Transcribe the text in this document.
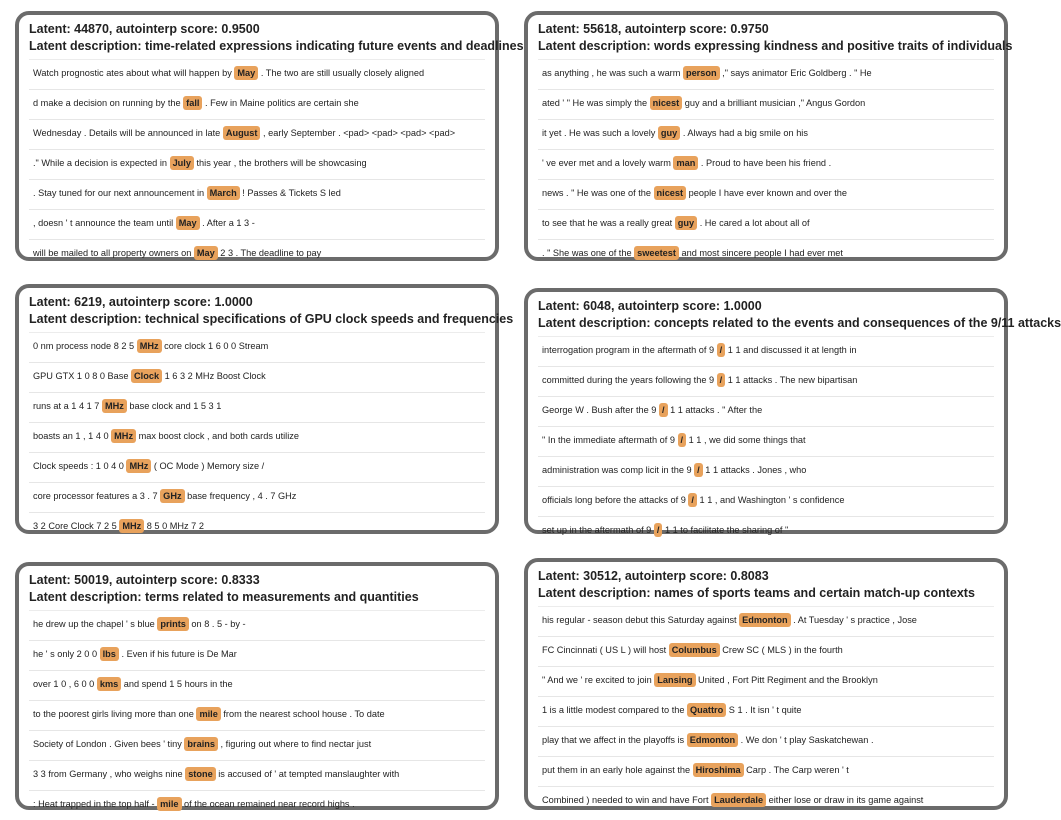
Latent: 44870, autointerp score: 0.9500
Latent description: time-related expressions indicating future events and deadlines
Watch prognostic ates about what will happen by May . The two are still usually closely aligned
d make a decision on running by the fall . Few in Maine politics are certain she
Wednesday . Details will be announced in late August , early September . <pad> <pad> <pad> <pad>
." While a decision is expected in July this year , the brothers will be showcasing
. Stay tuned for our next announcement in March ! Passes & Tickets S led
, doesn ' t announce the team until May . After a 1 3 -
will be mailed to all property owners on May 2 3 . The deadline to pay
Latent: 55618, autointerp score: 0.9750
Latent description: words expressing kindness and positive traits of individuals
as anything , he was such a warm person ," says animator Eric Goldberg . " He
ated ' " He was simply the nicest guy and a brilliant musician ," Angus Gordon
it yet . He was such a lovely guy . Always had a big smile on his
' ve ever met and a lovely warm man . Proud to have been his friend .
news . " He was one of the nicest people I have ever known and over the
to see that he was a really great guy . He cared a lot about all of
. " She was one of the sweetest and most sincere people I had ever met
Latent: 6219, autointerp score: 1.0000
Latent description: technical specifications of GPU clock speeds and frequencies
0 nm process node 8 2 5 MHz core clock 1 6 0 0 Stream
GPU GTX 1 0 8 0 Base Clock 1 6 3 2 MHz Boost Clock
runs at a 1 4 1 7 MHz base clock and 1 5 3 1
boasts an 1 , 1 4 0 MHz max boost clock , and both cards utilize
Clock speeds : 1 0 4 0 MHz ( OC Mode ) Memory size /
core processor features a 3 . 7 GHz base frequency , 4 . 7 GHz
3 2 Core Clock 7 2 5 MHz 8 5 0 MHz 7 2
Latent: 6048, autointerp score: 1.0000
Latent description: concepts related to the events and consequences of the 9/11 attacks
interrogation program in the aftermath of 9 / 1 1 and discussed it at length in
committed during the years following the 9 / 1 1 attacks . The new bipartisan
George W . Bush after the 9 / 1 1 attacks . " After the
" In the immediate aftermath of 9 / 1 1 , we did some things that
administration was comp licit in the 9 / 1 1 attacks . Jones , who
officials long before the attacks of 9 / 1 1 , and Washington ' s confidence
set up in the aftermath of 9 / 1 1 to facilitate the sharing of "
Latent: 50019, autointerp score: 0.8333
Latent description: terms related to measurements and quantities
he drew up the chapel ' s blue prints on 8 . 5 - by -
he ' s only 2 0 0 lbs . Even if his future is De Mar
over 1 0 , 6 0 0 kms and spend 1 5 hours in the
to the poorest girls living more than one mile from the nearest school house . To date
Society of London . Given bees ' tiny brains , figuring out where to find nectar just
3 3 from Germany , who weighs nine stone is accused of ' at tempted manslaughter with
: Heat trapped in the top half - mile of the ocean remained near record highs .
Latent: 30512, autointerp score: 0.8083
Latent description: names of sports teams and certain match-up contexts
his regular - season debut this Saturday against Edmonton . At Tuesday ' s practice , Jose
FC Cincinnati ( US L ) will host Columbus Crew SC ( MLS ) in the fourth
" And we ' re excited to join Lansing United , Fort Pitt Regiment and the Brooklyn
1 is a little modest compared to the Quattro S 1 . It isn ' t quite
play that we affect in the playoffs is Edmonton . We don ' t play Saskatchewan .
put them in an early hole against the Hiroshima Carp . The Carp weren ' t
Combined ) needed to win and have Fort Lauderdale either lose or draw in its game against
